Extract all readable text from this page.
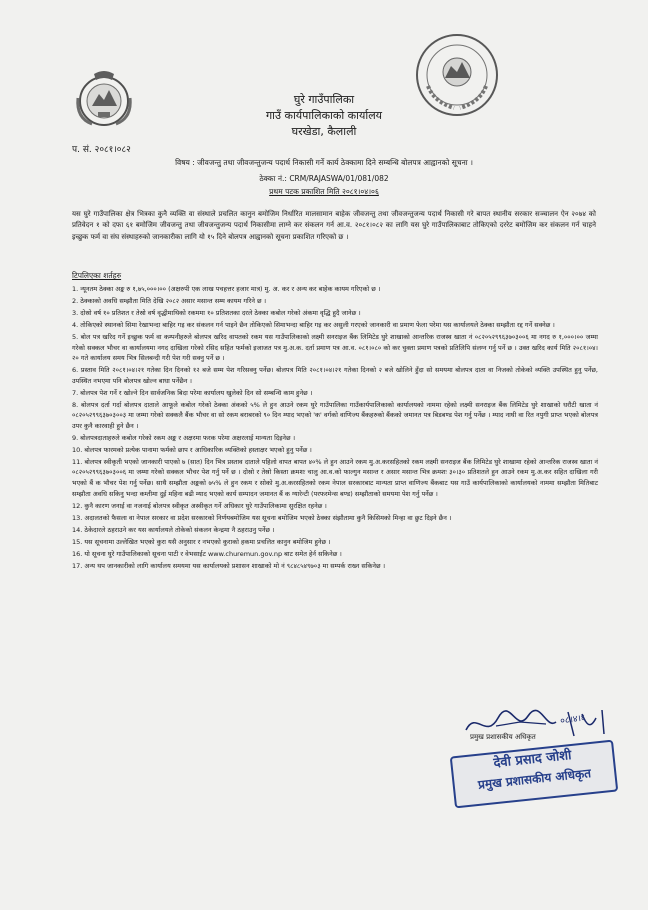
घुरे गाउँपालिका
गाउँ कार्यपालिकाको कार्यालय
घरखेडा, कैलाली
प. सं. २०८१।०८२
विषय : जीवजन्तु तथा जीवजन्तुजन्य पदार्थ निकासी गर्ने कार्य ठेक्कामा दिने सम्बन्धि बोलपत्र आह्वानको सूचना ।
ठेक्का नं.: CRM/RAJASWA/01/081/082
प्रथम पटक प्रकाशित मिति २०८१।०४।०६
यस घुरे गाउँपालिका क्षेत्र भित्रका कुनै व्यक्ति वा संस्थाले प्रचलित कानुन बमोजिम निर्धारित मालसामान बाहेक जीवजन्तु तथा जीवजन्तुजन्य पदार्थ निकासी गरे बापत स्थानीय सरकार सञ्चालन ऐन २०७४ को प्रतिवेदन १ को दफा ६१ बमोजिम जीवजन्तु तथा जीवजन्तुजन्य पदार्थ निकासीमा लाग्ने कर संकलन गर्न आ.व. २०८१।०८२ का लागि यस घुरे गाउँपालिकाबाट तोकिएको दररेट बमोजिम कर संकलन गर्न चाहने इच्छुक फर्म वा संघ संस्थाहरुको जानकारीका लागि यो १५ दिने बोलपत्र आह्वानको सूचना प्रकाशित गरिएको छ ।
टिपलिएका शर्तहरु
1. न्यूनतम ठेक्का अङ्क रु १,७५,०००।०० (अक्षरुपी एक लाख पचहत्तर हजार मात्र) मु. अ. कर र अन्य कर बाहेक कायम गरिएको छ ।
2. ठेक्काको अवधि सम्झौता मिति देखि २०८२ असार मसान्त सम्म कायम गरिने छ ।
3. दोस्रो वर्ष १० प्रतिशत र तेस्रो वर्ष वृद्धीमाथिको रकममा १० प्रतिशतका दरले ठेक्का कबोल गरेको अंकमा वृद्धि हुदै जानेछ ।
4. तोकिएको स्थानको सिमा रेखाभन्दा बाहिर गइ कर संकलन गर्न पाइने छैन तोकिएको सिमाभन्दा बाहिर गइ कर असुली गरएको जानकारी वा प्रमाण फेला परेमा यस कार्यालयले ठेक्का सम्झौता रद्द गर्ने सक्नेछ ।
5. बोल पत्र खरिद गर्ने इच्छुक फर्म वा कम्पनीहरुले बोलपत्र खरिद वापतको रकम यस गाउँपालिकाको लक्ष्मी सनराइज बैंक लिमिटेड घुरे शाखाको आन्तरिक राजस्व खाता नं ०८२०५२९९६३७०३००६ मा नगद रु १,०००।०० जम्मा गरेको सक्कल भौचर वा कार्यालयमा नगद दाखिला गरेको रसिद सहित फर्मको इजाजत पत्र मु.अ.क. दर्ता प्रमाण पत्र आ.व. ०८१।०८० को कर चुक्ता प्रमाण पत्रको प्रतिलिपि संलग्न गर्नु पर्ने छ । उक्त खरिद कार्य मिति २०८१।०४।२० गते कार्यालय समय भित्र सिलबन्दी गरी पेश गरी सक्नु पर्ने छ ।
6. प्रस्ताव मिति २०८१।०४।२१ गतेका दिन दिनको १२ बजे सम्म पेश गरिसक्नु पर्नेछ। बोलपत्र मिति २०८१।०४।२१ गतेका दिनको २ बजे खोलिने हुँदा सो समयमा बोलपत्र दाता वा निजको तोकेको व्यक्ति उपस्थित हुनु पर्नेछ, उपस्थित नभएमा पनि बोलपत्र खोल्न बाधा पर्नेछैन ।
7. बोलपत्र पेश गर्ने र खोल्ने दिन सार्वजनिक बिदा परेमा कार्यालय खुलेको दिन सो सम्बन्धि काम हुनेछ ।
8. बोलपत्र दर्ता गर्दा बोलपत्र दाताले आफूले कबोल गरेको ठेक्का अंकको ५% ले हुन आउने रकम घुरे गाउँपालिका गाउँकार्यपालिकाको कार्यालयको नाममा रहेको लक्ष्मी सनराइज बैंक लिमिटेड घुरे शाखाको धरौटी खाता नं ०८२०५२९९६३७०३००३ मा जम्मा गरेको सक्कलै बैंक भौचर वा सो रकम बराबरको ९० दिन म्याद भएको 'क' वर्गको वाणिज्य बैंकहरुको बैंकको जमानत पत्र बिडबण्ड पेश गर्नु पर्नेछ । म्याद नाघी वा रित नपुगी प्राप्त भएको बोलपत्र उपर कुनै कारवाही हुने छैन ।
9. बोलपत्रदाताहरुले कबोल गरेको रकम अङ्क र अक्षरमा फरक परेमा अक्षरलाई मान्यता दिइनेछ ।
10. बोलपत्र फारमको प्रत्येक पानामा फर्मको छाप र आधिकारिक व्यक्तिको हस्ताक्षर भएको हुनु पर्नेछ ।
11. बोलपत्र स्वीकृती भएको जानकारी पाएको ७ (सात) दिन भित्र प्रस्ताव दाताले पहिलो वापत बापत ४०% ले हुन आउने रकम मु.अ.करसहितको रकम लक्ष्मी सनराइज बैंक लिमिटेड घुरे शाखामा रहेको आन्तरिक राजस्व खाता नं ०८२०५२९९६३७०३००६ मा जम्मा गरेको सक्कल भौचर पेश गर्नु पर्ने छ । दोस्रो र तेस्रो किस्ता क्रमशः चालु आ.व.को फाल्गुन मसान्त र असार मसान्त भित्र क्रमशः ३०।३० प्रतिशतले हुन आउने रकम मु.अ.कर सहित दाखिला गरी भएको बैं क भौचर पेश गर्नु पर्नेछ। साथै सम्झौता अङ्कको ७५% ले हुन रकम र सोको मु.अ.करसहितको रकम नेपाल सरकारबाट मान्यता प्राप्त वाणिज्य बैंकबाट यस गाउँ कार्यपालिकाको कार्यालयको नाममा सम्झौता मितिबाट सम्झौता अवधि सकिनु भन्दा कम्तीमा दुई महिना बढी म्याद भएको कार्य सम्पादन जमानत बैं क ग्यारेन्टी (परफरमेन्स बण्ड) सम्झौताको समयमा पेश गर्नु पर्नेछ ।
12. कुनै कारण जनाई वा नजनाई बोलपत्र स्वीकृत अस्वीकृत गर्ने अधिकार घुरे गाउँपालिकामा सुरक्षित रहनेछ ।
13. अदालतको फैसला वा नेपाल सरकार वा प्रदेश सरकारको निर्णयबमोजिम यस सूचना बमोजिम भएको ठेक्का संझौतामा कुनै किसिमको मिन्हा वा छुट दिइने छैन ।
14. ठेकेदारले ठहराउने कर यस कार्यालयले तोकेको संकलन केन्द्रमा नै ठहराउनु पर्नेछ ।
15. यस सूचनामा उल्लेखित भएको कुरा यसै अनुसार र नभएको कुराको हकमा प्रचलित कानुन बमोजिम हुनेछ ।
16. यो सूचना घुरे गाउँपालिकाको सूचना पाटी र वेभसाईट www.churemun.gov.np बाट समेत हेर्न सकिनेछ ।
17. अन्य थप जानकारीको लागि कार्यालय समयमा यस कार्यालयको प्रशासन शाखाको मो नं ९८४८५४९७०३ मा सम्पर्क राख्न सकिनेछ ।
०८।४।६
प्रमुख प्रशासकीय अधिकृत
देवी प्रसाद जोशी
प्रमुख प्रशासकीय अधिकृत
